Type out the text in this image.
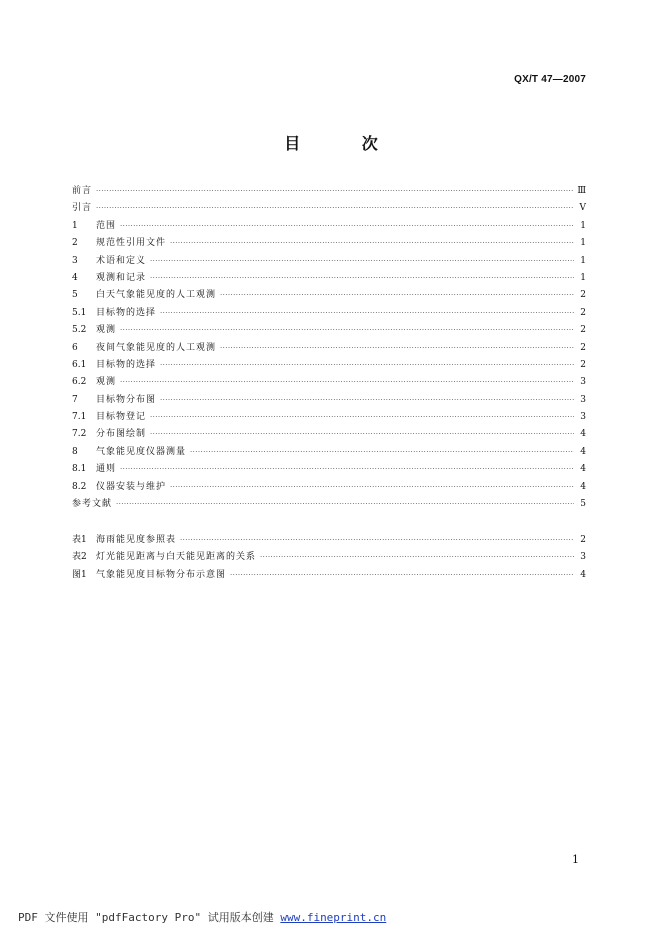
QX/T 47—2007
目 次
前言 ·····	Ⅲ
引言 ·····	Ⅴ
1	范围 ·····	1
2	规范性引用文件 ·····	1
3	术语和定义 ·····	1
4	观测和记录 ·····	1
5	白天气象能见度的人工观测 ·····	2
5.1	目标物的选择 ·····	2
5.2	观测 ·····	2
6	夜间气象能见度的人工观测 ·····	2
6.1	目标物的选择 ·····	2
6.2	观测 ·····	3
7	目标物分布图 ·····	3
7.1	目标物登记 ·····	3
7.2	分布图绘制 ·····	4
8	气象能见度仪器测量 ·····	4
8.1	通则 ·····	4
8.2	仪器安装与维护 ·····	4
参考文献 ·····	5
表1	海雨能见度参照表 ·····	2
表2	灯光能见距离与白天能见距离的关系 ·····	3
图1	气象能见度目标物分布示意图 ·····	4
1
PDF 文件使用 "pdfFactory Pro" 试用版本创建 www.fineprint.cn
